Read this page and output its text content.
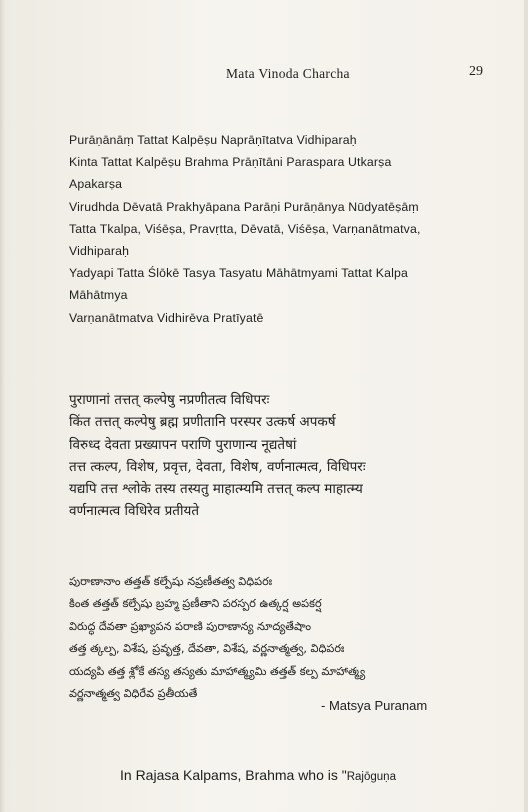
Mata Vinoda Charcha	29
Purāṇānāṃ Tattat Kalpēṣu Naprāṇītatva Vidhiparaḥ
Kinta Tattat Kalpēṣu Brahma Prāṇītāni Paraspara Utkarṣa
Apakarṣa
Virudhda Dēvatā Prakhyāpana Parāṇi Purāṇānya Nūdyatēṣāṃ
Tatta Tkalpa, Viśēṣa, Pravṛtta, Dēvatā, Viśēṣa, Varṇanātmatva,
Vidhiparaḥ
Yadyapi Tatta Ślōkē Tasya Tasyatu Māhātmyami Tattat Kalpa
Māhātmya
Varṇanātmatva Vidhirēva Pratīyatē
पुराणानां तत्तत् कल्पेषु नप्रणीतत्व विधिपरः
किंत तत्तत् कल्पेषु ब्रह्म प्रणीतानि परस्पर उत्कर्ष अपकर्ष
विरुध्द देवता प्रख्यापन पराणि पुराणान्य नूद्यतेषां
तत्त त्कल्प, विशेष, प्रवृत्त, देवता, विशेष, वर्णनात्मत्व, विधिपरः
यद्यपि तत्त श्लोके तस्य तस्यतु माहात्म्यमि तत्तत् कल्प माहात्म्य
वर्णनात्मत्व विधिरेव प्रतीयते
పురాణానాం తత్తత్ కల్పేషు నప్రణీతత్వ విధిపరః
కింత తత్తత్ కల్పేషు బ్రహ్మ ప్రణీతాని పరస్పర ఉత్కర్ష అపకర్ష
విరుద్ధ దేవతా ప్రఖ్యాపన పరాణి పురాణాన్య నూద్యతేషాం
తత్త త్కల్ప, విశేష, ప్రవృత్త, దేవతా, విశేష, వర్ణనాత్మత్వ, విధిపరః
యద్యపి తత్త శ్లోకే తస్య తస్యతు మాహాత్మ్యమి తత్తత్ కల్ప మాహాత్మ్య
వర్ణనాత్మత్వ విధిరేవ ప్రతీయతే
- Matsya Puranam
In Rajasa Kalpams, Brahma who is "Rajōguṇa
